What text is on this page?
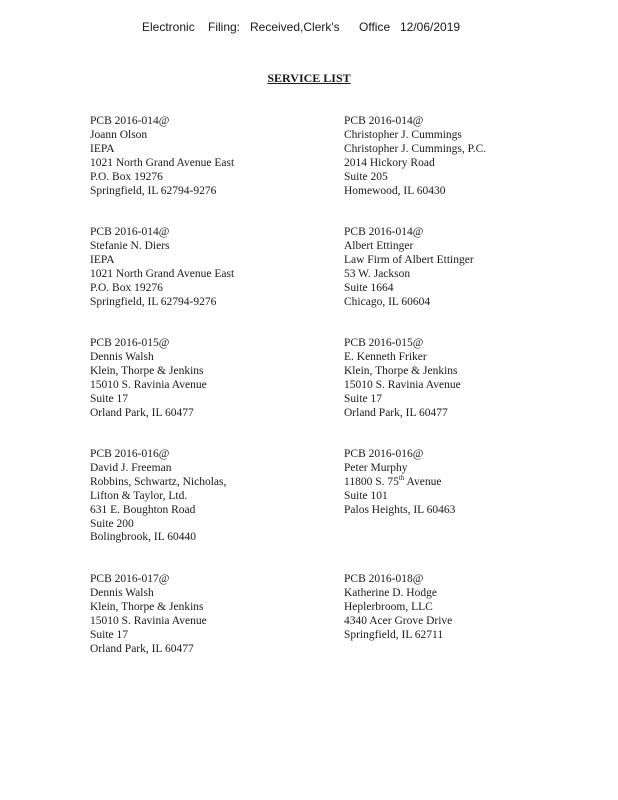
Electronic Filing: Received,Clerk's Office 12/06/2019
SERVICE LIST
PCB 2016-014@
Joann Olson
IEPA
1021 North Grand Avenue East
P.O. Box 19276
Springfield, IL 62794-9276
PCB 2016-014@
Christopher J. Cummings
Christopher J. Cummings, P.C.
2014 Hickory Road
Suite 205
Homewood, IL 60430
PCB 2016-014@
Stefanie N. Diers
IEPA
1021 North Grand Avenue East
P.O. Box 19276
Springfield, IL 62794-9276
PCB 2016-014@
Albert Ettinger
Law Firm of Albert Ettinger
53 W. Jackson
Suite 1664
Chicago, IL 60604
PCB 2016-015@
Dennis Walsh
Klein, Thorpe & Jenkins
15010 S. Ravinia Avenue
Suite 17
Orland Park, IL 60477
PCB 2016-015@
E. Kenneth Friker
Klein, Thorpe & Jenkins
15010 S. Ravinia Avenue
Suite 17
Orland Park, IL 60477
PCB 2016-016@
David J. Freeman
Robbins, Schwartz, Nicholas,
Lifton & Taylor, Ltd.
631 E. Boughton Road
Suite 200
Bolingbrook, IL 60440
PCB 2016-016@
Peter Murphy
11800 S. 75th Avenue
Suite 101
Palos Heights, IL 60463
PCB 2016-017@
Dennis Walsh
Klein, Thorpe & Jenkins
15010 S. Ravinia Avenue
Suite 17
Orland Park, IL 60477
PCB 2016-018@
Katherine D. Hodge
Heplerbroom, LLC
4340 Acer Grove Drive
Springfield, IL 62711
